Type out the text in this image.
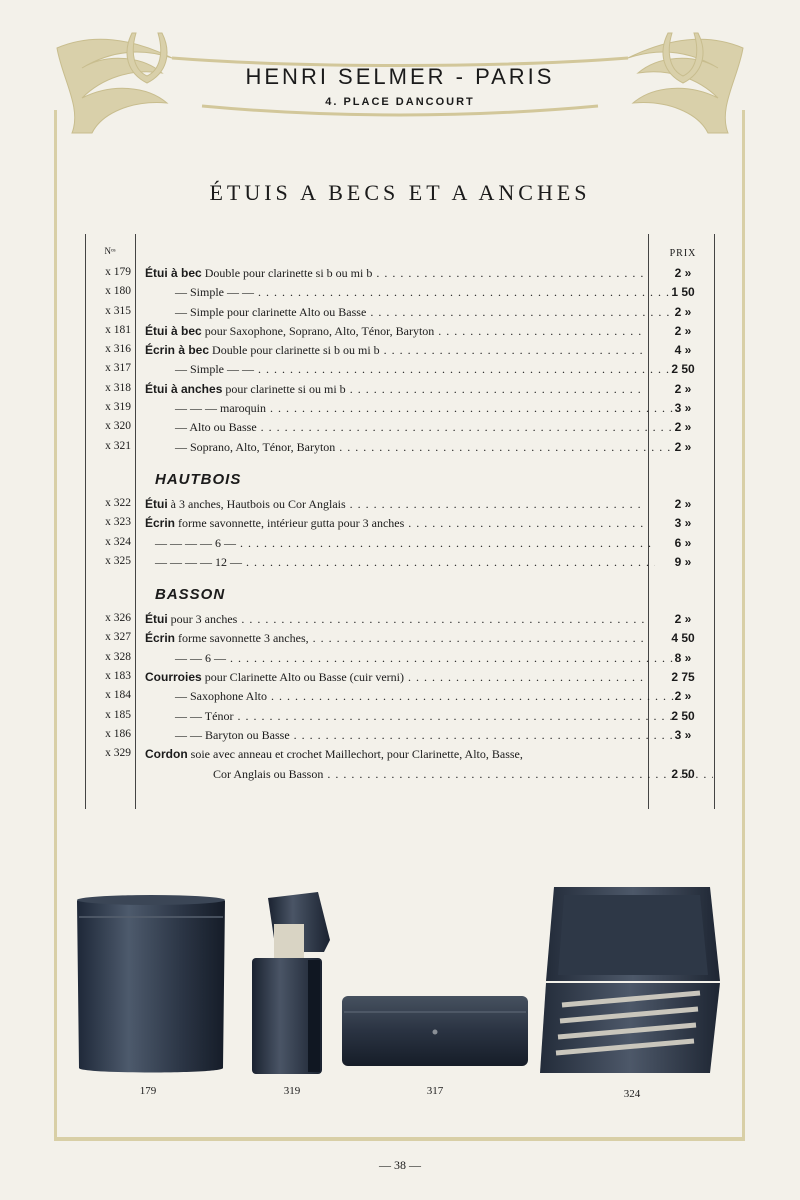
HENRI SELMER - PARIS
4. PLACE DANCOURT
ÉTUIS A BECS ET A ANCHES
Nᵒˢ	PRIX
x 179 Étui à bec Double pour clarinette si b ou mi b . . .	2 »
x 180	— Simple — — . . .	1 50
x 315	— Simple pour clarinette Alto ou Basse . . .	2 »
x 181 Étui à bec pour Saxophone, Soprano, Alto, Ténor, Baryton . . .	2 »
x 316 Écrin à bec Double pour clarinette si b ou mi b . . .	4 »
x 317	— Simple — — . . .	2 50
x 318 Étui à anches pour clarinette si ou mi b . . .	2 »
x 319	— — — maroquin . . .	3 »
x 320	— Alto ou Basse . . .	2 »
x 321	— Soprano, Alto, Ténor, Baryton . . .	2 »
HAUTBOIS
x 322 Étui à 3 anches, Hautbois ou Cor Anglais . . .	2 »
x 323 Écrin forme savonnette, intérieur gutta pour 3 anches . . .	3 »
x 324	— — — — 6 — . . .	6 »
x 325	— — — — 12 — . . .	9 »
BASSON
x 326 Étui pour 3 anches . . .	2 »
x 327 Écrin forme savonnette 3 anches, . . .	4 50
x 328	— — 6 — . . .	8 »
x 183 Courroies pour Clarinette Alto ou Basse (cuir verni) . . .	2 75
x 184	— Saxophone Alto . . .	2 »
x 185	— — Ténor . . .	2 50
x 186	— — Baryton ou Basse . . .	3 »
x 329 Cordon soie avec anneau et crochet Maillechort, pour Clarinette, Alto, Basse,
Cor Anglais ou Basson . . .	2 50
179	319	317	324
— 38 —
